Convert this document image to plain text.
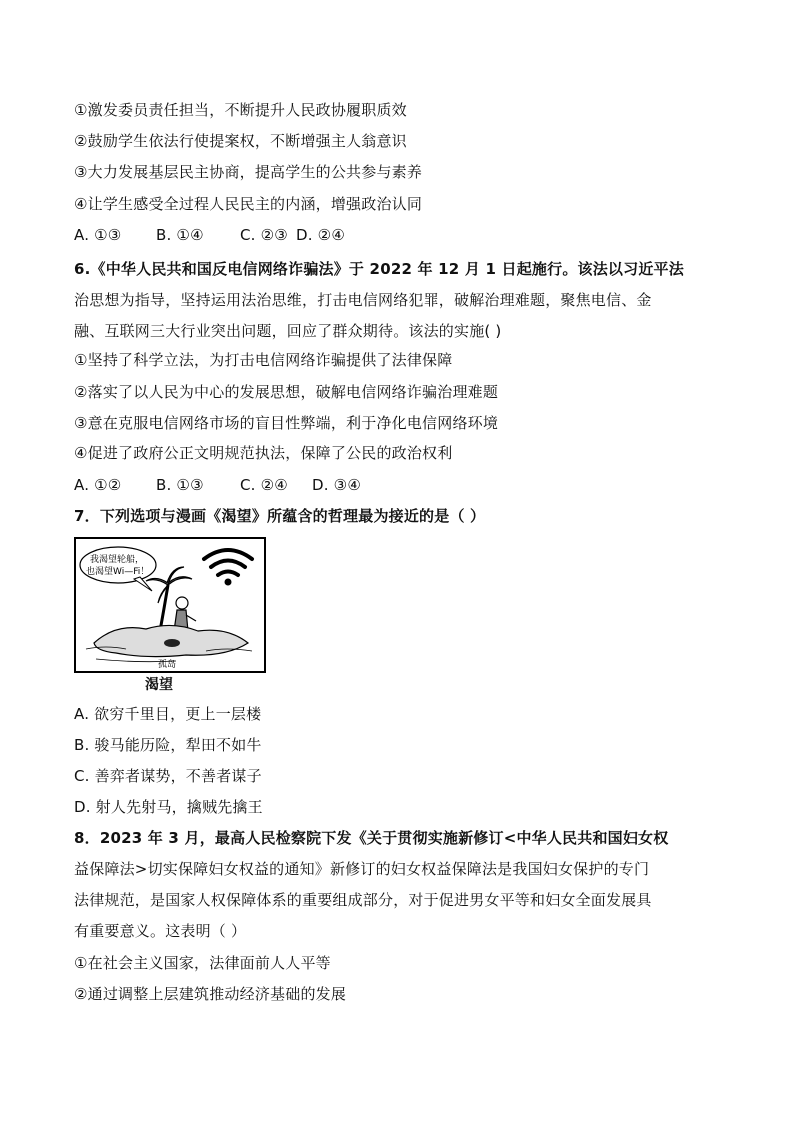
①激发委员责任担当，不断提升人民政协履职质效
②鼓励学生依法行使提案权，不断增强主人翁意识
③大力发展基层民主协商，提高学生的公共参与素养
④让学生感受全过程人民民主的内涵，增强政治认同
A. ①③ B. ①④ C. ②③ D. ②④
6.《中华人民共和国反电信网络诈骗法》于 2022 年 12 月 1 日起施行。该法以习近平法
治思想为指导，坚持运用法治思维，打击电信网络犯罪，破解治理难题，聚焦电信、金
融、互联网三大行业突出问题，回应了群众期待。该法的实施( )
①坚持了科学立法，为打击电信网络诈骗提供了法律保障
②落实了以人民为中心的发展思想，破解电信网络诈骗治理难题
③意在克服电信网络市场的盲目性弊端，利于净化电信网络环境
④促进了政府公正文明规范执法，保障了公民的政治权利
A. ①② B. ①③ C. ②④ D. ③④
7．下列选项与漫画《渴望》所蕴含的哲理最为接近的是（ ）
我渴望轮船，
也渴望Wi—Fi！
孤岛
渴望
A. 欲穷千里目，更上一层楼
B. 骏马能历险，犁田不如牛
C. 善弈者谋势，不善者谋子
D. 射人先射马，擒贼先擒王
8．2023 年 3 月，最高人民检察院下发《关于贯彻实施新修订<中华人民共和国妇女权
益保障法>切实保障妇女权益的通知》新修订的妇女权益保障法是我国妇女保护的专门
法律规范，是国家人权保障体系的重要组成部分，对于促进男女平等和妇女全面发展具
有重要意义。这表明（ ）
①在社会主义国家，法律面前人人平等
②通过调整上层建筑推动经济基础的发展
